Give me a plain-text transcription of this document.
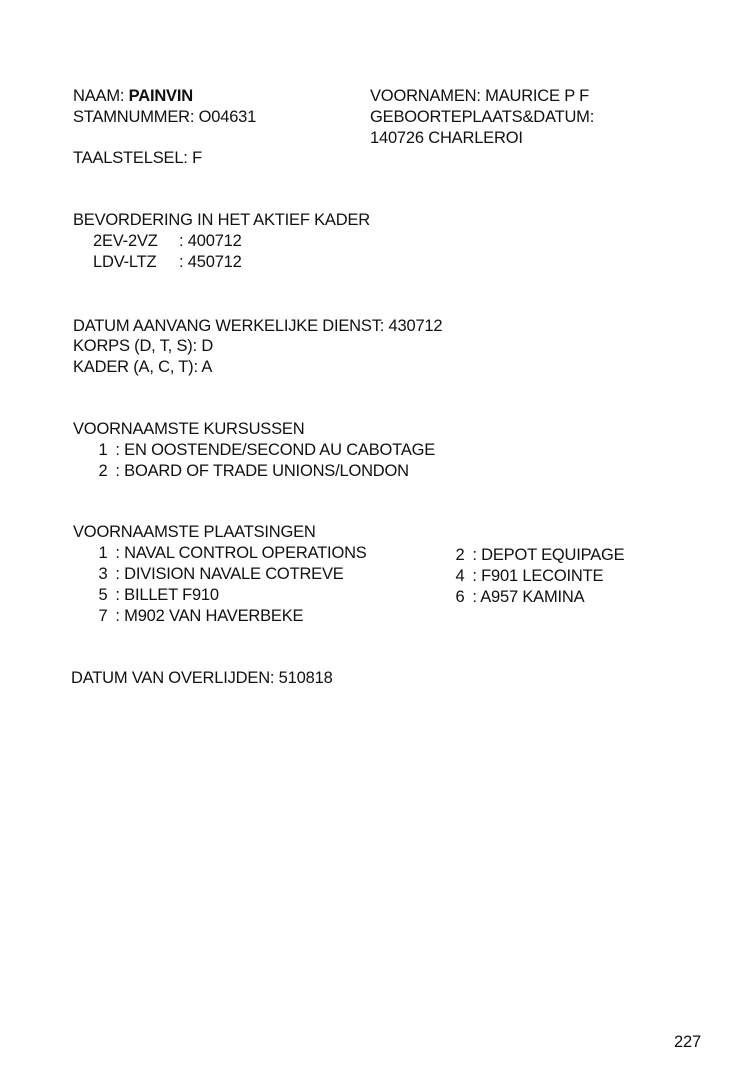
NAAM: PAINVIN
STAMNUMMER: O04631
TAALSTELSEL: F
VOORNAMEN: MAURICE P F
GEBOORTEPLAATS&DATUM:
140726 CHARLEROI
BEVORDERING IN HET AKTIEF KADER
2EV-2VZ : 400712
LDV-LTZ : 450712
DATUM AANVANG WERKELIJKE DIENST: 430712
KORPS (D, T, S): D
KADER (A, C, T): A
VOORNAAMSTE KURSUSSEN
1 : EN OOSTENDE/SECOND AU CABOTAGE
2 : BOARD OF TRADE UNIONS/LONDON
VOORNAAMSTE PLAATSINGEN
1 : NAVAL CONTROL OPERATIONS
3 : DIVISION NAVALE COTREVE
5 : BILLET F910
7 : M902 VAN HAVERBEKE
2 : DEPOT EQUIPAGE
4 : F901 LECOINTE
6 : A957 KAMINA
DATUM VAN OVERLIJDEN: 510818
227
